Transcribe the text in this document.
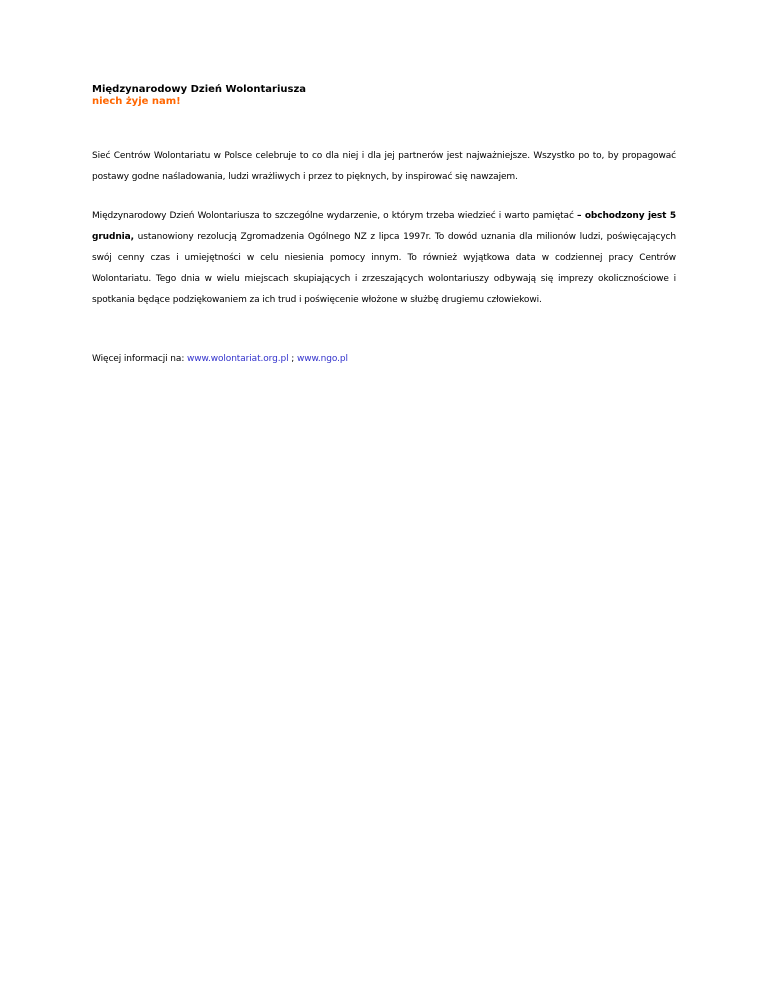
Międzynarodowy Dzień Wolontariusza

niech żyje nam!

Sieć Centrów Wolontariatu w Polsce celebruje to co dla niej i dla jej partnerów jest najważniejsze. Wszystko po to, by propagować postawy godne naśladowania, ludzi wrażliwych i przez to pięknych, by inspirować się nawzajem.

Międzynarodowy Dzień Wolontariusza to szczególne wydarzenie, o którym trzeba wiedzieć i warto pamiętać – obchodzony jest 5 grudnia, ustanowiony rezolucją Zgromadzenia Ogólnego NZ z lipca 1997r. To dowód uznania dla milionów ludzi, poświęcających swój cenny czas i umiejętności w celu niesienia pomocy innym. To również wyjątkowa data w codziennej pracy Centrów Wolontariatu. Tego dnia w wielu miejscach skupiających i zrzeszających wolontariuszy odbywają się imprezy okolicznościowe i spotkania będące podziękowaniem za ich trud i poświęcenie włożone w służbę drugiemu człowiekowi.

Więcej informacji na: www.wolontariat.org.pl ; www.ngo.pl
